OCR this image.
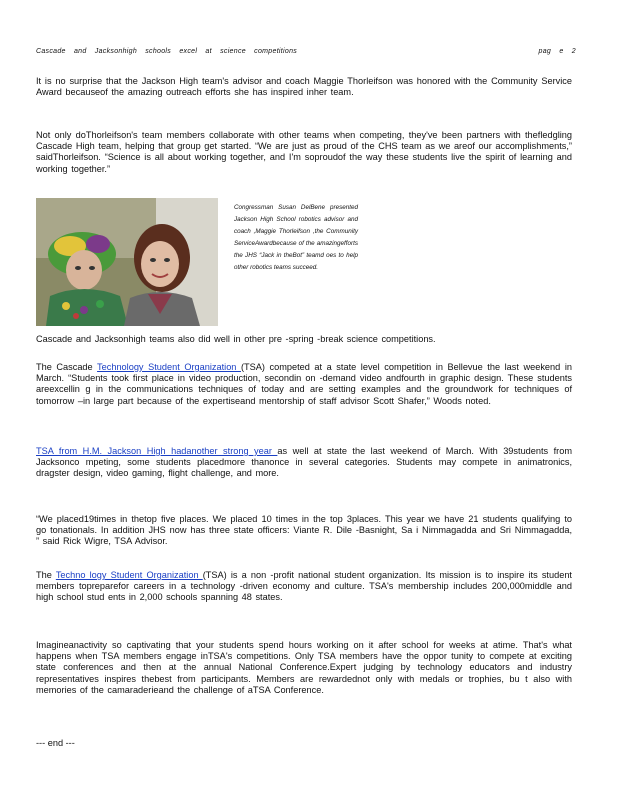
Cascade and Jacksonhigh schools excel at science competitions	pag e 2

It is no surprise that the Jackson High team's advisor and coach Maggie Thorleifson was honored with the Community Service Award becauseof the amazing outreach efforts she has inspired inher team.

Not only doThorleifson's team members collaborate with other teams when competing, they've been partners with thefledgling Cascade High team, helping that group get started. “We are just as proud of the CHS team as we areof our accomplishments,” saidThorleifson. “Science is all about working together, and I'm soproudof the way these students live the spirit of learning and working together.”

Congressman Susan DelBene presented Jackson High School robotics advisor and coach ,Maggie Thorleifson ,the Community ServiceAwardbecause of the amazingefforts the JHS “Jack in theBot” teamd oes to help other robotics teams succeed.

Cascade and Jacksonhigh teams also did well in other pre -spring -break science competitions.

The Cascade Technology Student Organization (TSA) competed at a state level competition in Bellevue the last weekend in March. “Students took first place in video production, secondin on -demand video andfourth in graphic design. These students areexcellin g in the communications techniques of today and are setting examples and the groundwork for techniques of tomorrow –in large part because of the expertiseand mentorship of staff advisor Scott Shafer,” Woods noted.

TSA from H.M. Jackson High hadanother strong year as well at state the last weekend of March. With 39students from Jacksonco mpeting, some students placedmore thanonce in several categories. Students may compete in animatronics, dragster design, video gaming, flight challenge, and more.

“We placed19times in thetop five places. We placed 10 times in the top 3places. This year we have 21 students qualifying to go tonationals. In addition JHS now has three state officers: Viante R. Dile -Basnight, Sa i Nimmagadda and Sri Nimmagadda, ” said Rick Wigre, TSA Advisor.

The Techno logy Student Organization (TSA) is a non -profit national student organization. Its mission is to inspire its student members topreparefor careers in a technology -driven economy and culture. TSA's membership includes 200,000middle and high school stud ents in 2,000 schools spanning 48 states.

Imagineanactivity so captivating that your students spend hours working on it after school for weeks at atime. That's what happens when TSA members engage inTSA's competitions. Only TSA members have the oppor tunity to compete at exciting state conferences and then at the annual National Conference.Expert judging by technology educators and industry representatives inspires thebest from participants. Members are rewardednot only with medals or trophies, bu t also with memories of the camaraderieand the challenge of aTSA Conference.

--- end ---
